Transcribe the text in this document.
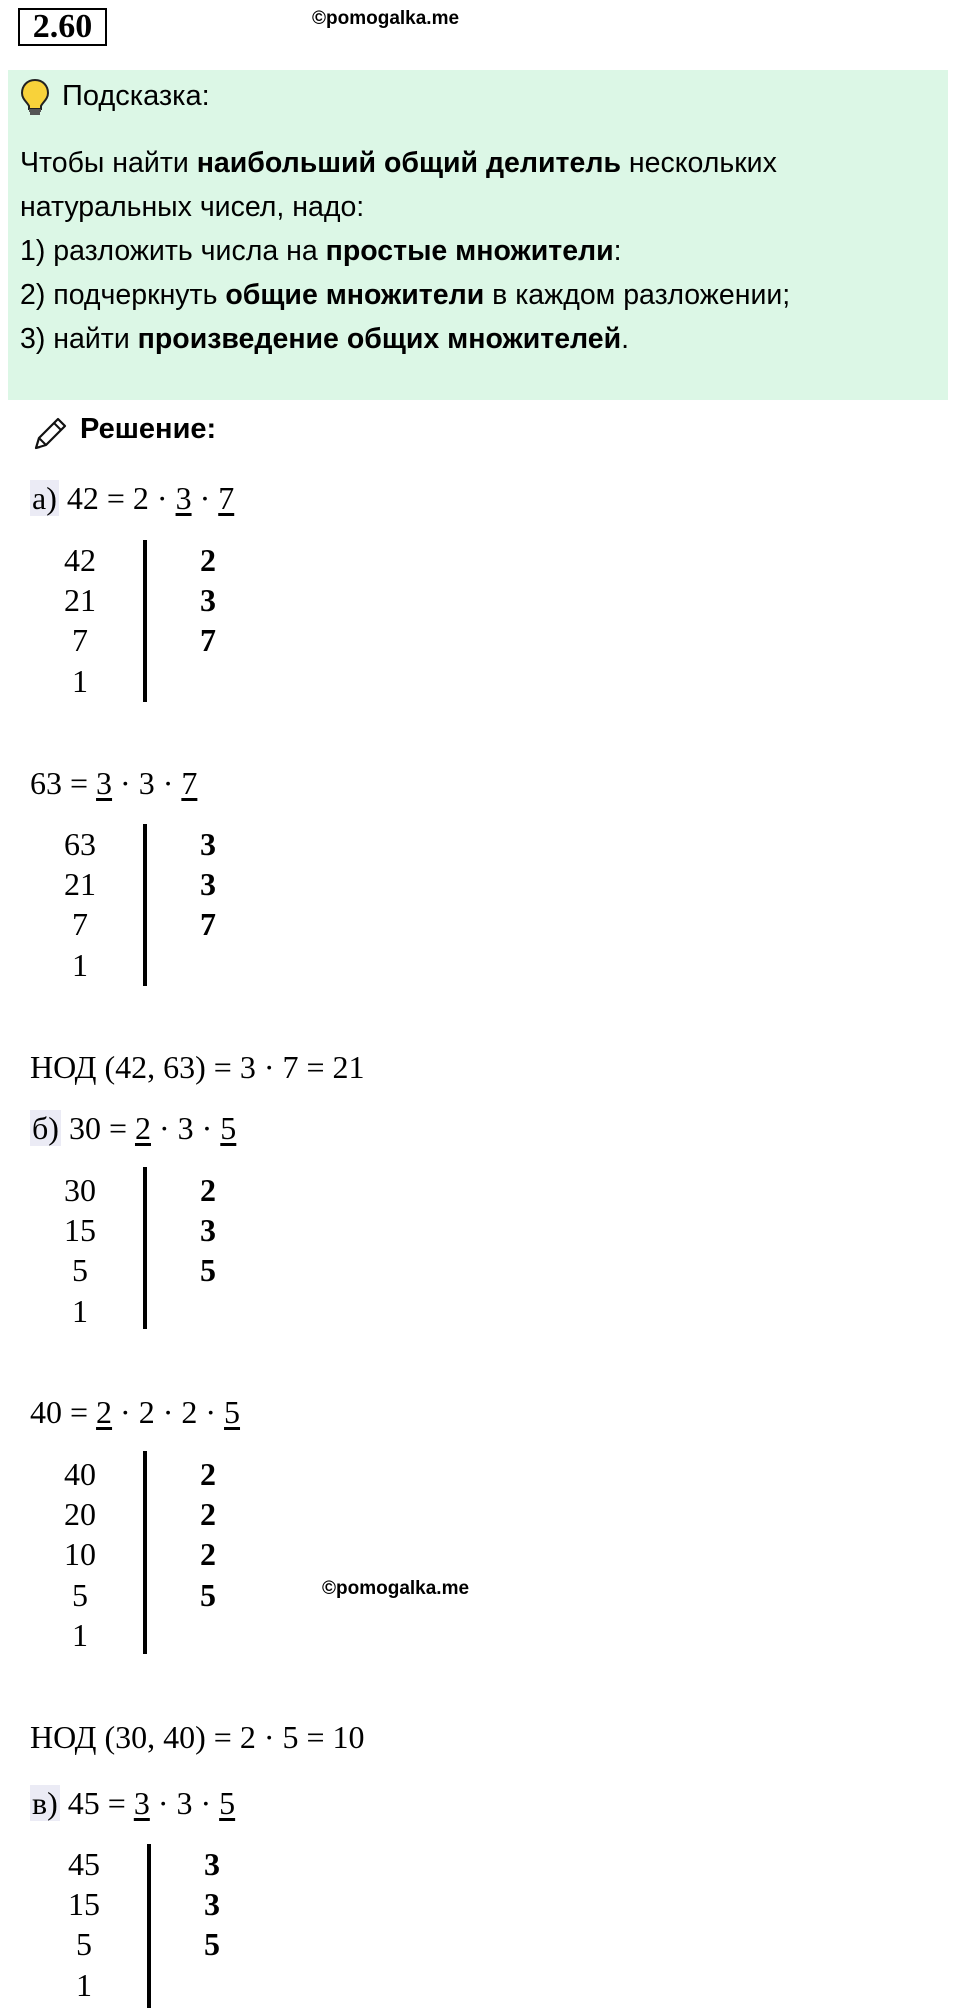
2.60	©pomogalka.me
Подсказка:

Чтобы найти наибольший общий делитель нескольких

натуральных чисел, надо:

1) разложить числа на простые множители:

2) подчеркнуть общие множители в каждом разложении;

3) найти произведение общих множителей.

Решение:
а) 42 = 2 · 3 · 7
42
21
7
1
2
3
7
63 = 3 · 3 · 7
63
21
7
1
3
3
7
НОД (42, 63) = 3 · 7 = 21
б) 30 = 2 · 3 · 5
30
15
5
1
2
3
5
40 = 2 · 2 · 2 · 5
40
20
10
5
1
2
2
2
5	©pomogalka.me
НОД (30, 40) = 2 · 5 = 10
в) 45 = 3 · 3 · 5
45
15
5
1
3
3
5
